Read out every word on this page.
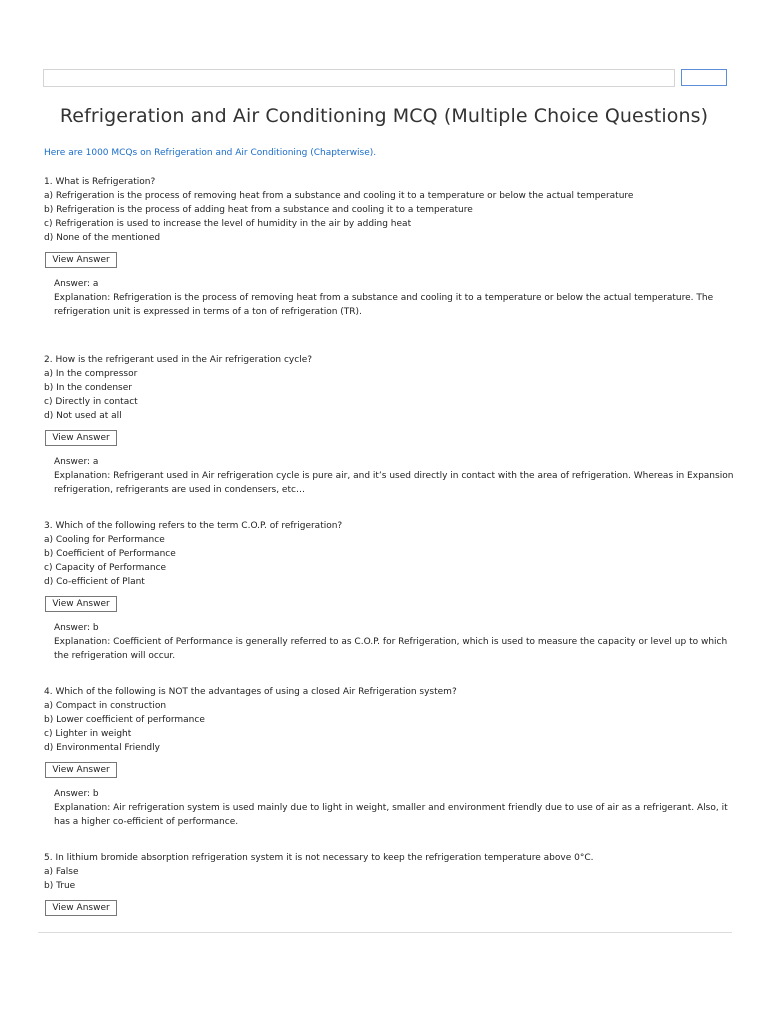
Refrigeration and Air Conditioning MCQ (Multiple Choice Questions)
Here are 1000 MCQs on Refrigeration and Air Conditioning (Chapterwise).
1. What is Refrigeration?
a) Refrigeration is the process of removing heat from a substance and cooling it to a temperature or below the actual temperature
b) Refrigeration is the process of adding heat from a substance and cooling it to a temperature
c) Refrigeration is used to increase the level of humidity in the air by adding heat
d) None of the mentioned
View Answer
Answer: a
Explanation: Refrigeration is the process of removing heat from a substance and cooling it to a temperature or below the actual temperature. The refrigeration unit is expressed in terms of a ton of refrigeration (TR).
2. How is the refrigerant used in the Air refrigeration cycle?
a) In the compressor
b) In the condenser
c) Directly in contact
d) Not used at all
View Answer
Answer: a
Explanation: Refrigerant used in Air refrigeration cycle is pure air, and it’s used directly in contact with the area of refrigeration. Whereas in Expansion refrigeration, refrigerants are used in condensers, etc…
3. Which of the following refers to the term C.O.P. of refrigeration?
a) Cooling for Performance
b) Coefficient of Performance
c) Capacity of Performance
d) Co-efficient of Plant
View Answer
Answer: b
Explanation: Coefficient of Performance is generally referred to as C.O.P. for Refrigeration, which is used to measure the capacity or level up to which the refrigeration will occur.
4. Which of the following is NOT the advantages of using a closed Air Refrigeration system?
a) Compact in construction
b) Lower coefficient of performance
c) Lighter in weight
d) Environmental Friendly
View Answer
Answer: b
Explanation: Air refrigeration system is used mainly due to light in weight, smaller and environment friendly due to use of air as a refrigerant. Also, it has a higher co-efficient of performance.
5. In lithium bromide absorption refrigeration system it is not necessary to keep the refrigeration temperature above 0°C.
a) False
b) True
View Answer
